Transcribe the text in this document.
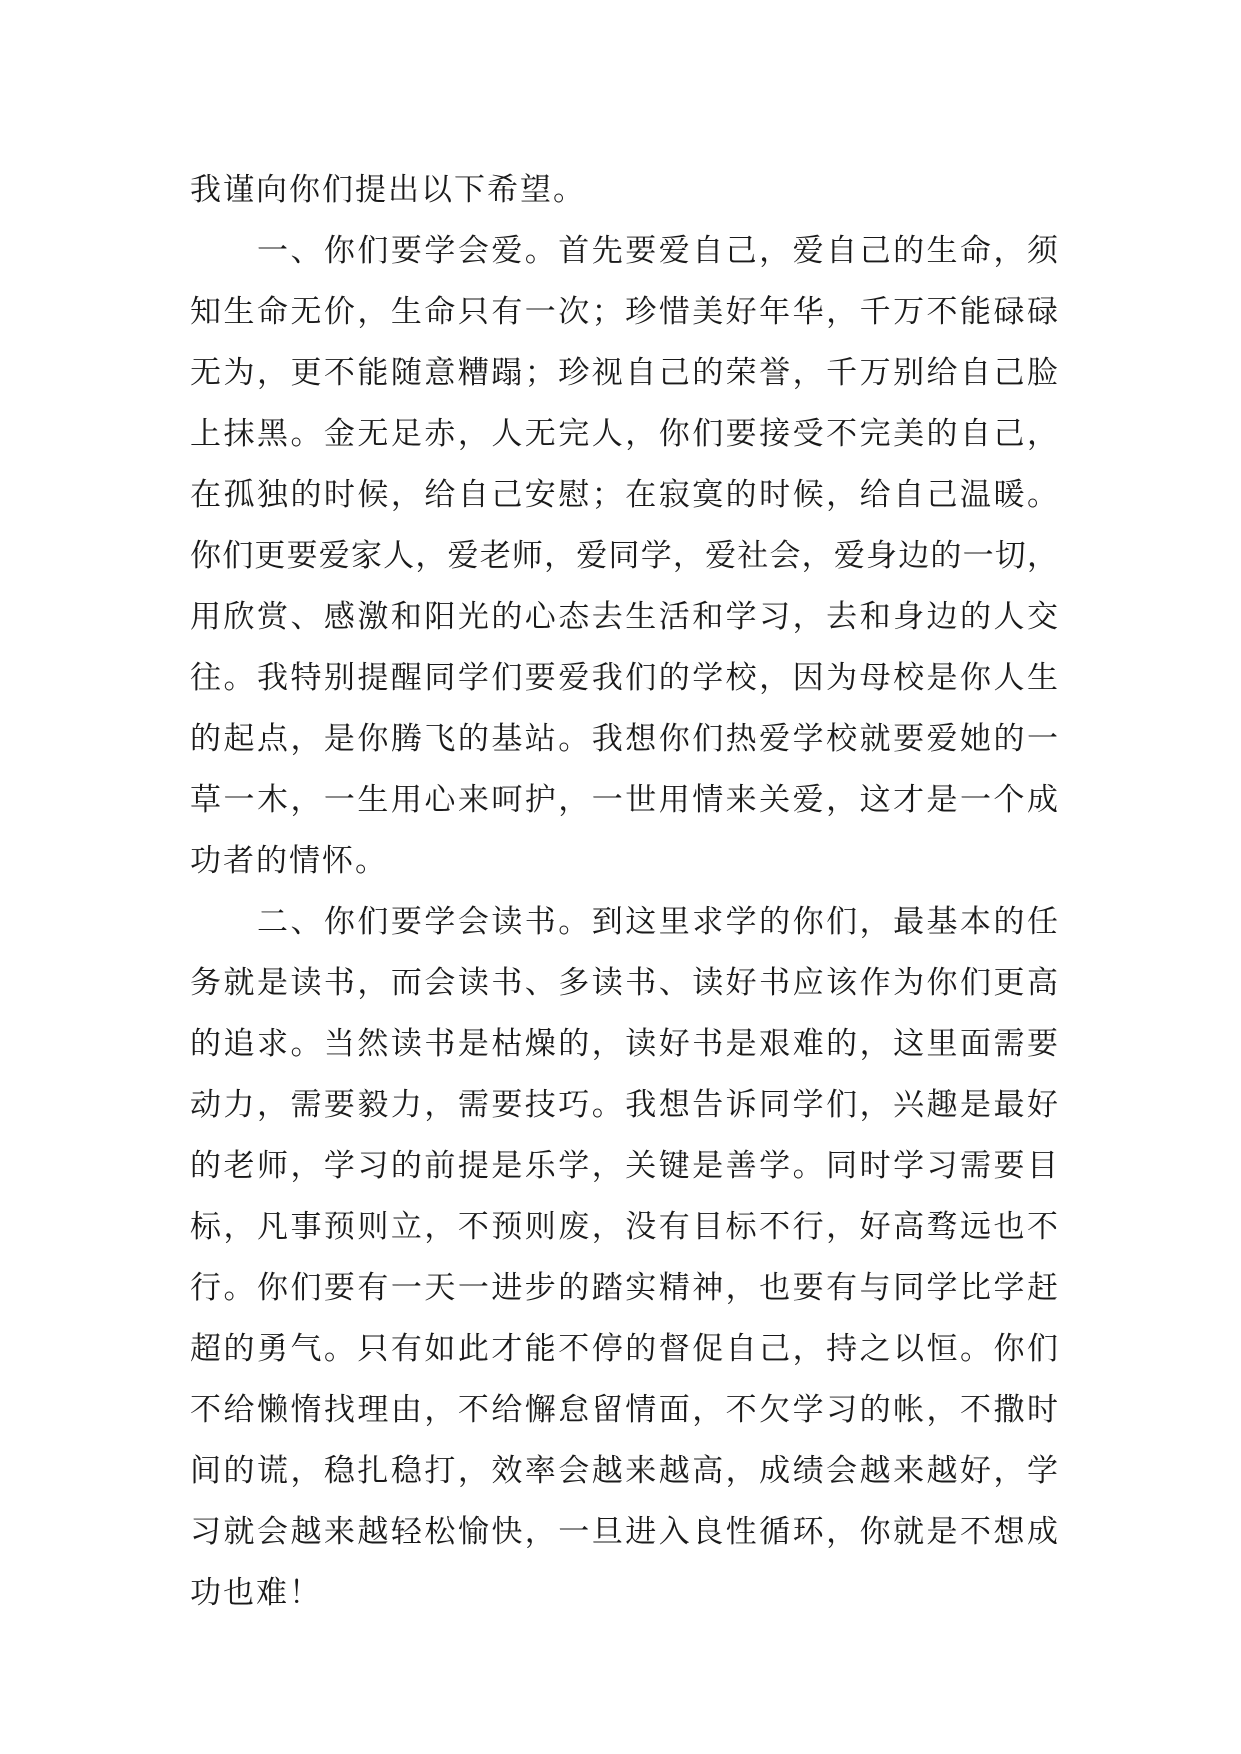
我谨向你们提出以下希望。

　　一、你们要学会爱。首先要爱自己，爱自己的生命，须
知生命无价，生命只有一次；珍惜美好年华，千万不能碌碌
无为，更不能随意糟蹋；珍视自己的荣誉，千万别给自己脸
上抹黑。金无足赤，人无完人，你们要接受不完美的自己，
在孤独的时候，给自己安慰；在寂寞的时候，给自己温暖。
你们更要爱家人，爱老师，爱同学，爱社会，爱身边的一切，
用欣赏、感激和阳光的心态去生活和学习，去和身边的人交
往。我特别提醒同学们要爱我们的学校，因为母校是你人生
的起点，是你腾飞的基站。我想你们热爱学校就要爱她的一
草一木，一生用心来呵护，一世用情来关爱，这才是一个成
功者的情怀。

　　二、你们要学会读书。到这里求学的你们，最基本的任
务就是读书，而会读书、多读书、读好书应该作为你们更高
的追求。当然读书是枯燥的，读好书是艰难的，这里面需要
动力，需要毅力，需要技巧。我想告诉同学们，兴趣是最好
的老师，学习的前提是乐学，关键是善学。同时学习需要目
标，凡事预则立，不预则废，没有目标不行，好高骛远也不
行。你们要有一天一进步的踏实精神，也要有与同学比学赶
超的勇气。只有如此才能不停的督促自己，持之以恒。你们
不给懒惰找理由，不给懈怠留情面，不欠学习的帐，不撒时
间的谎，稳扎稳打，效率会越来越高，成绩会越来越好，学
习就会越来越轻松愉快，一旦进入良性循环，你就是不想成
功也难！
